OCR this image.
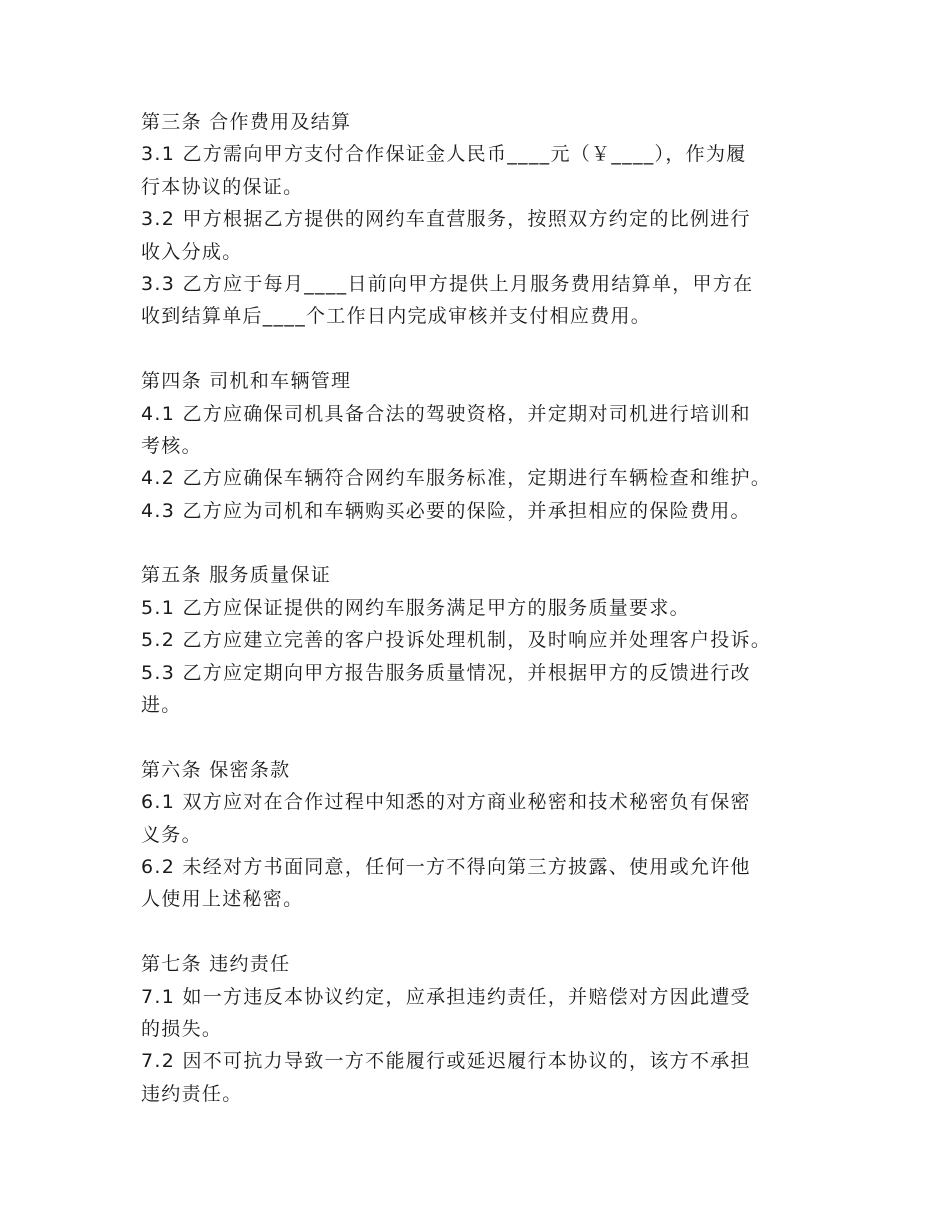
第三条 合作费用及结算
3.1 乙方需向甲方支付合作保证金人民币____元（￥____），作为履
行本协议的保证。
3.2 甲方根据乙方提供的网约车直营服务，按照双方约定的比例进行
收入分成。
3.3 乙方应于每月____日前向甲方提供上月服务费用结算单，甲方在
收到结算单后____个工作日内完成审核并支付相应费用。
第四条 司机和车辆管理
4.1 乙方应确保司机具备合法的驾驶资格，并定期对司机进行培训和
考核。
4.2 乙方应确保车辆符合网约车服务标准，定期进行车辆检查和维护。
4.3 乙方应为司机和车辆购买必要的保险，并承担相应的保险费用。
第五条 服务质量保证
5.1 乙方应保证提供的网约车服务满足甲方的服务质量要求。
5.2 乙方应建立完善的客户投诉处理机制，及时响应并处理客户投诉。
5.3 乙方应定期向甲方报告服务质量情况，并根据甲方的反馈进行改
进。
第六条 保密条款
6.1 双方应对在合作过程中知悉的对方商业秘密和技术秘密负有保密
义务。
6.2 未经对方书面同意，任何一方不得向第三方披露、使用或允许他
人使用上述秘密。
第七条 违约责任
7.1 如一方违反本协议约定，应承担违约责任，并赔偿对方因此遭受
的损失。
7.2 因不可抗力导致一方不能履行或延迟履行本协议的，该方不承担
违约责任。
